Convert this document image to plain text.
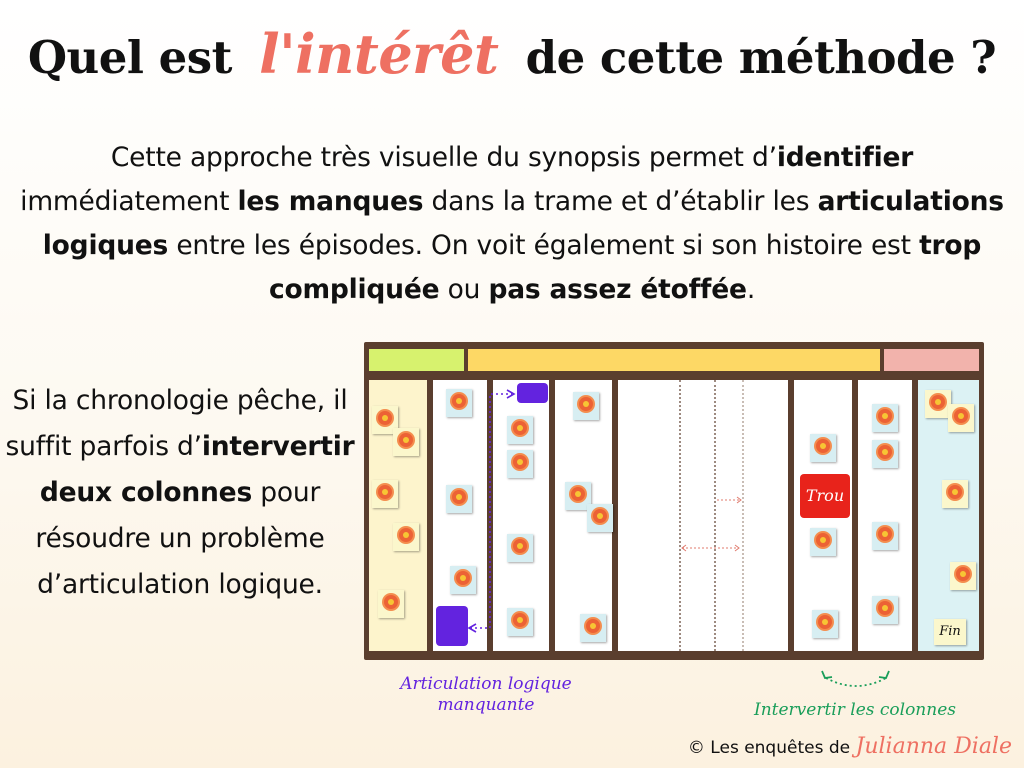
Quel est l'intérêt de cette méthode ?
Cette approche très visuelle du synopsis permet d’identifier immédiatement les manques dans la trame et d’établir les articulations logiques entre les épisodes. On voit également si son histoire est trop compliquée ou pas assez étoffée.
Si la chronologie pêche, il suffit parfois d’intervertir deux colonnes pour résoudre un problème d’articulation logique.
Trou
Fin
Articulation logique manquante	Intervertir les colonnes
© Les enquêtes de Julianna Diale
